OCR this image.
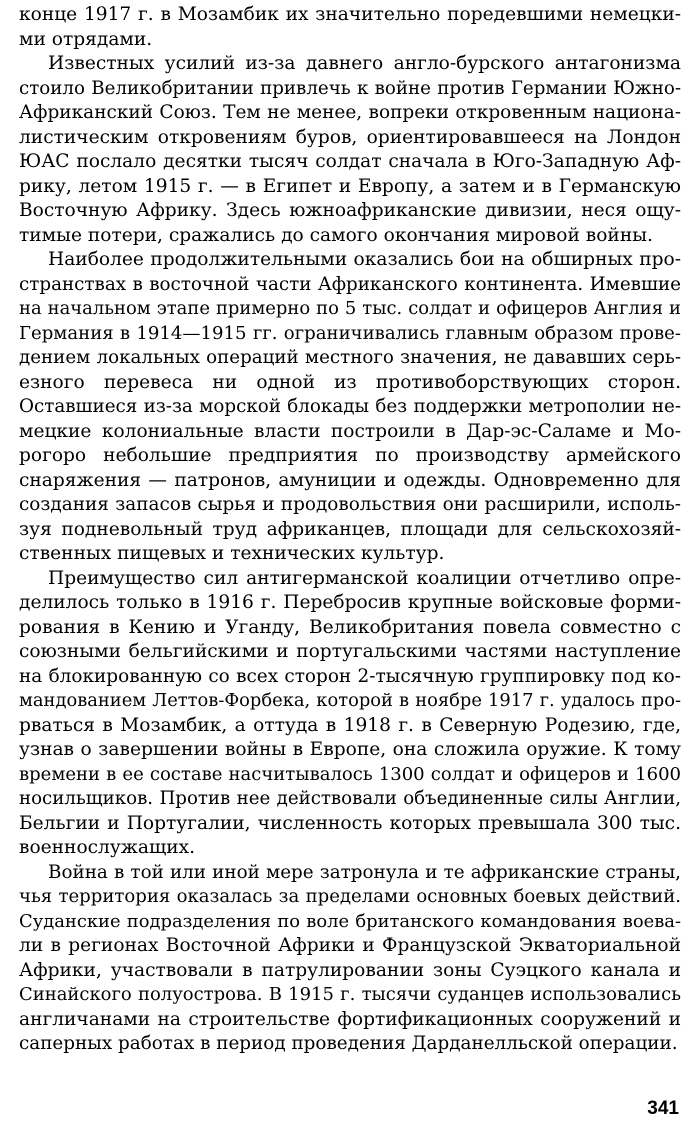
конце 1917 г. в Мозамбик их значительно поредевшими немецки-
ми отрядами.
Известных усилий из-за давнего англо-бурского антагонизма
стоило Великобритании привлечь к войне против Германии Южно-
Африканский Союз. Тем не менее, вопреки откровенным национа-
листическим откровениям буров, ориентировавшееся на Лондон
ЮАС послало десятки тысяч солдат сначала в Юго-Западную Аф-
рику, летом 1915 г. — в Египет и Европу, а затем и в Германскую
Восточную Африку. Здесь южноафриканские дивизии, неся ощу-
тимые потери, сражались до самого окончания мировой войны.
Наиболее продолжительными оказались бои на обширных про-
странствах в восточной части Африканского континента. Имевшие
на начальном этапе примерно по 5 тыс. солдат и офицеров Англия и
Германия в 1914—1915 гг. ограничивались главным образом прове-
дением локальных операций местного значения, не дававших серь-
езного перевеса ни одной из противоборствующих сторон.
Оставшиеся из-за морской блокады без поддержки метрополии не-
мецкие колониальные власти построили в Дар-эс-Саламе и Мо-
рогоро небольшие предприятия по производству армейского
снаряжения — патронов, амуниции и одежды. Одновременно для
создания запасов сырья и продовольствия они расширили, исполь-
зуя подневольный труд африканцев, площади для сельскохозяй-
ственных пищевых и технических культур.
Преимущество сил антигерманской коалиции отчетливо опре-
делилось только в 1916 г. Перебросив крупные войсковые форми-
рования в Кению и Уганду, Великобритания повела совместно с
союзными бельгийскими и португальскими частями наступление
на блокированную со всех сторон 2-тысячную группировку под ко-
мандованием Леттов-Форбека, которой в ноябре 1917 г. удалось про-
рваться в Мозамбик, а оттуда в 1918 г. в Северную Родезию, где,
узнав о завершении войны в Европе, она сложила оружие. К тому
времени в ее составе насчитывалось 1300 солдат и офицеров и 1600
носильщиков. Против нее действовали объединенные силы Англии,
Бельгии и Португалии, численность которых превышала 300 тыс.
военнослужащих.
Война в той или иной мере затронула и те африканские страны,
чья территория оказалась за пределами основных боевых действий.
Суданские подразделения по воле британского командования воева-
ли в регионах Восточной Африки и Французской Экваториальной
Африки, участвовали в патрулировании зоны Суэцкого канала и
Синайского полуострова. В 1915 г. тысячи суданцев использовались
англичанами на строительстве фортификационных сооружений и
саперных работах в период проведения Дарданелльской операции.
341
